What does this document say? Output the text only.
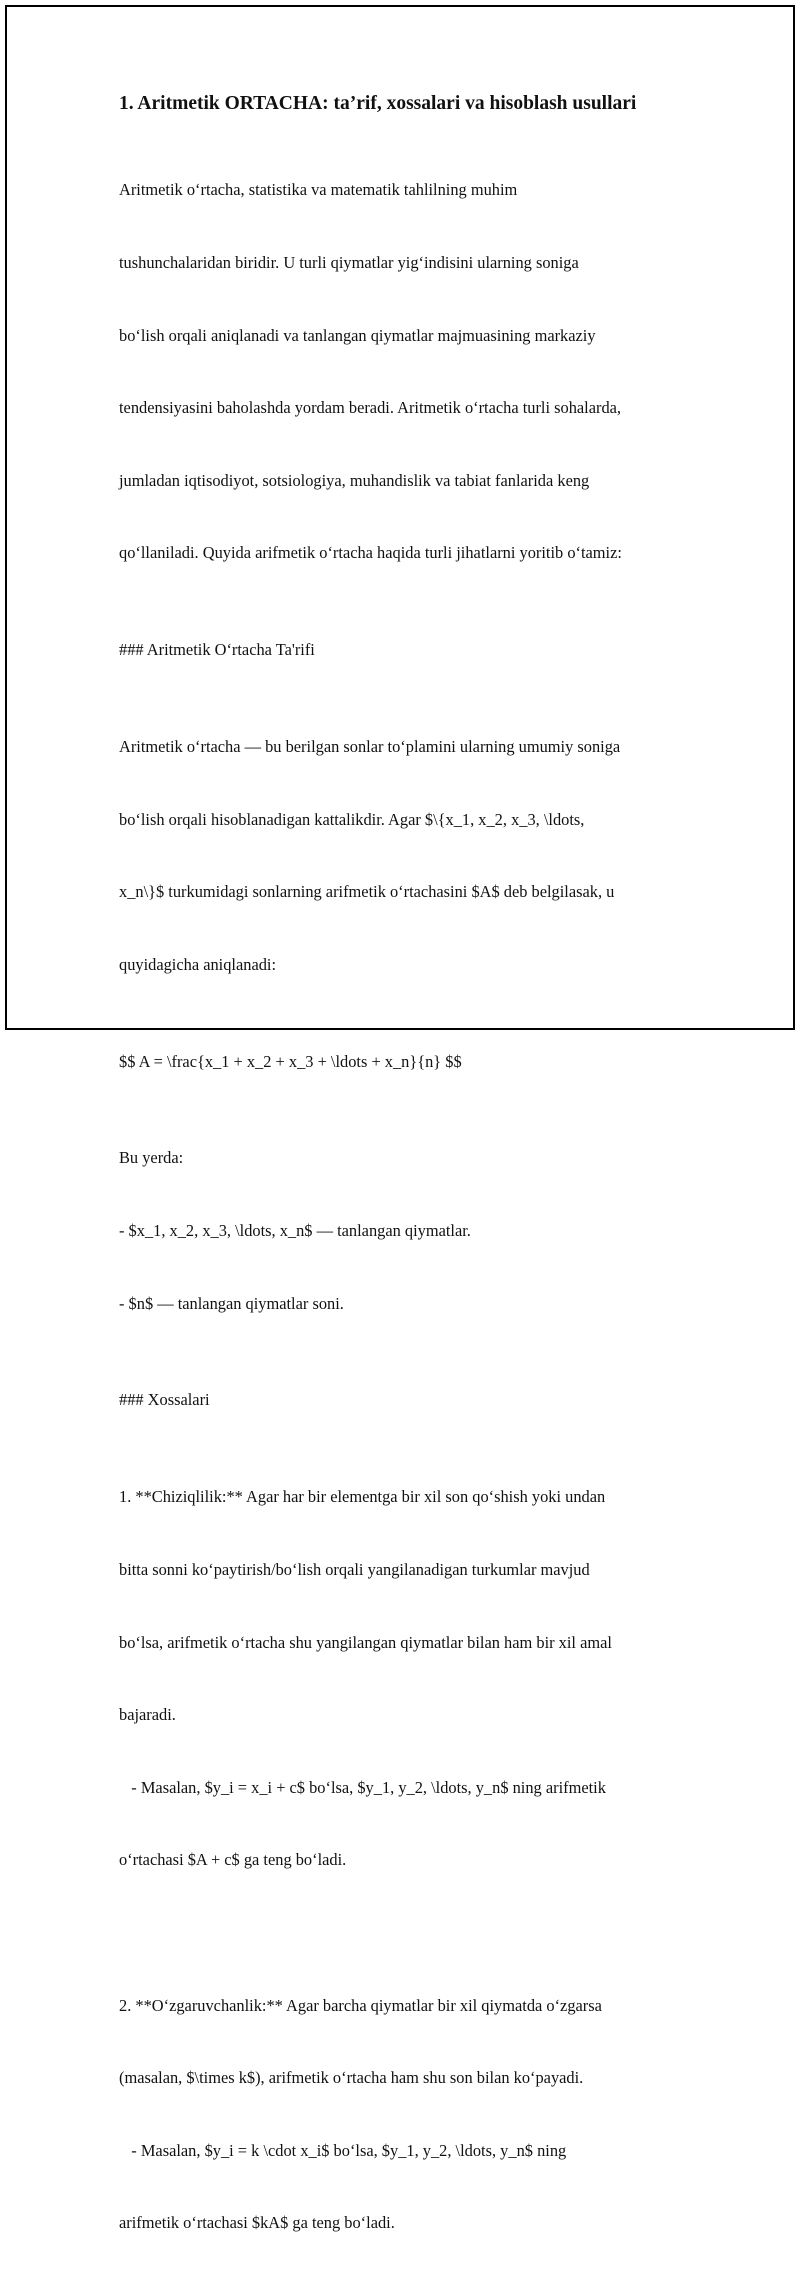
1. Aritmetik ORTACHA: ta’rif, xossalari va hisoblash usullari

Aritmetik o‘rtacha, statistika va matematik tahlilning muhim

tushunchalaridan biridir. U turli qiymatlar yig‘indisini ularning soniga

bo‘lish orqali aniqlanadi va tanlangan qiymatlar majmuasining markaziy

tendensiyasini baholashda yordam beradi. Aritmetik o‘rtacha turli sohalarda,

jumladan iqtisodiyot, sotsiologiya, muhandislik va tabiat fanlarida keng

qo‘llaniladi. Quyida arifmetik o‘rtacha haqida turli jihatlarni yoritib o‘tamiz:

### Aritmetik O‘rtacha Ta'rifi

Aritmetik o‘rtacha — bu berilgan sonlar to‘plamini ularning umumiy soniga

bo‘lish orqali hisoblanadigan kattalikdir. Agar $\{x_1, x_2, x_3, \ldots,

x_n\}$ turkumidagi sonlarning arifmetik o‘rtachasini $A$ deb belgilasak, u

quyidagicha aniqlanadi:

$$ A = \frac{x_1 + x_2 + x_3 + \ldots + x_n}{n} $$

Bu yerda:

- $x_1, x_2, x_3, \ldots, x_n$ — tanlangan qiymatlar.

- $n$ — tanlangan qiymatlar soni.

### Xossalari

1. **Chiziqlilik:** Agar har bir elementga bir xil son qo‘shish yoki undan

bitta sonni ko‘paytirish/bo‘lish orqali yangilanadigan turkumlar mavjud

bo‘lsa, arifmetik o‘rtacha shu yangilangan qiymatlar bilan ham bir xil amal

bajaradi.

- Masalan, $y_i = x_i + c$ bo‘lsa, $y_1, y_2, \ldots, y_n$ ning arifmetik

o‘rtachasi $A + c$ ga teng bo‘ladi.

2. **O‘zgaruvchanlik:** Agar barcha qiymatlar bir xil qiymatda o‘zgarsa

(masalan, $\times k$), arifmetik o‘rtacha ham shu son bilan ko‘payadi.

- Masalan, $y_i = k \cdot x_i$ bo‘lsa, $y_1, y_2, \ldots, y_n$ ning

arifmetik o‘rtachasi $kA$ ga teng bo‘ladi.
